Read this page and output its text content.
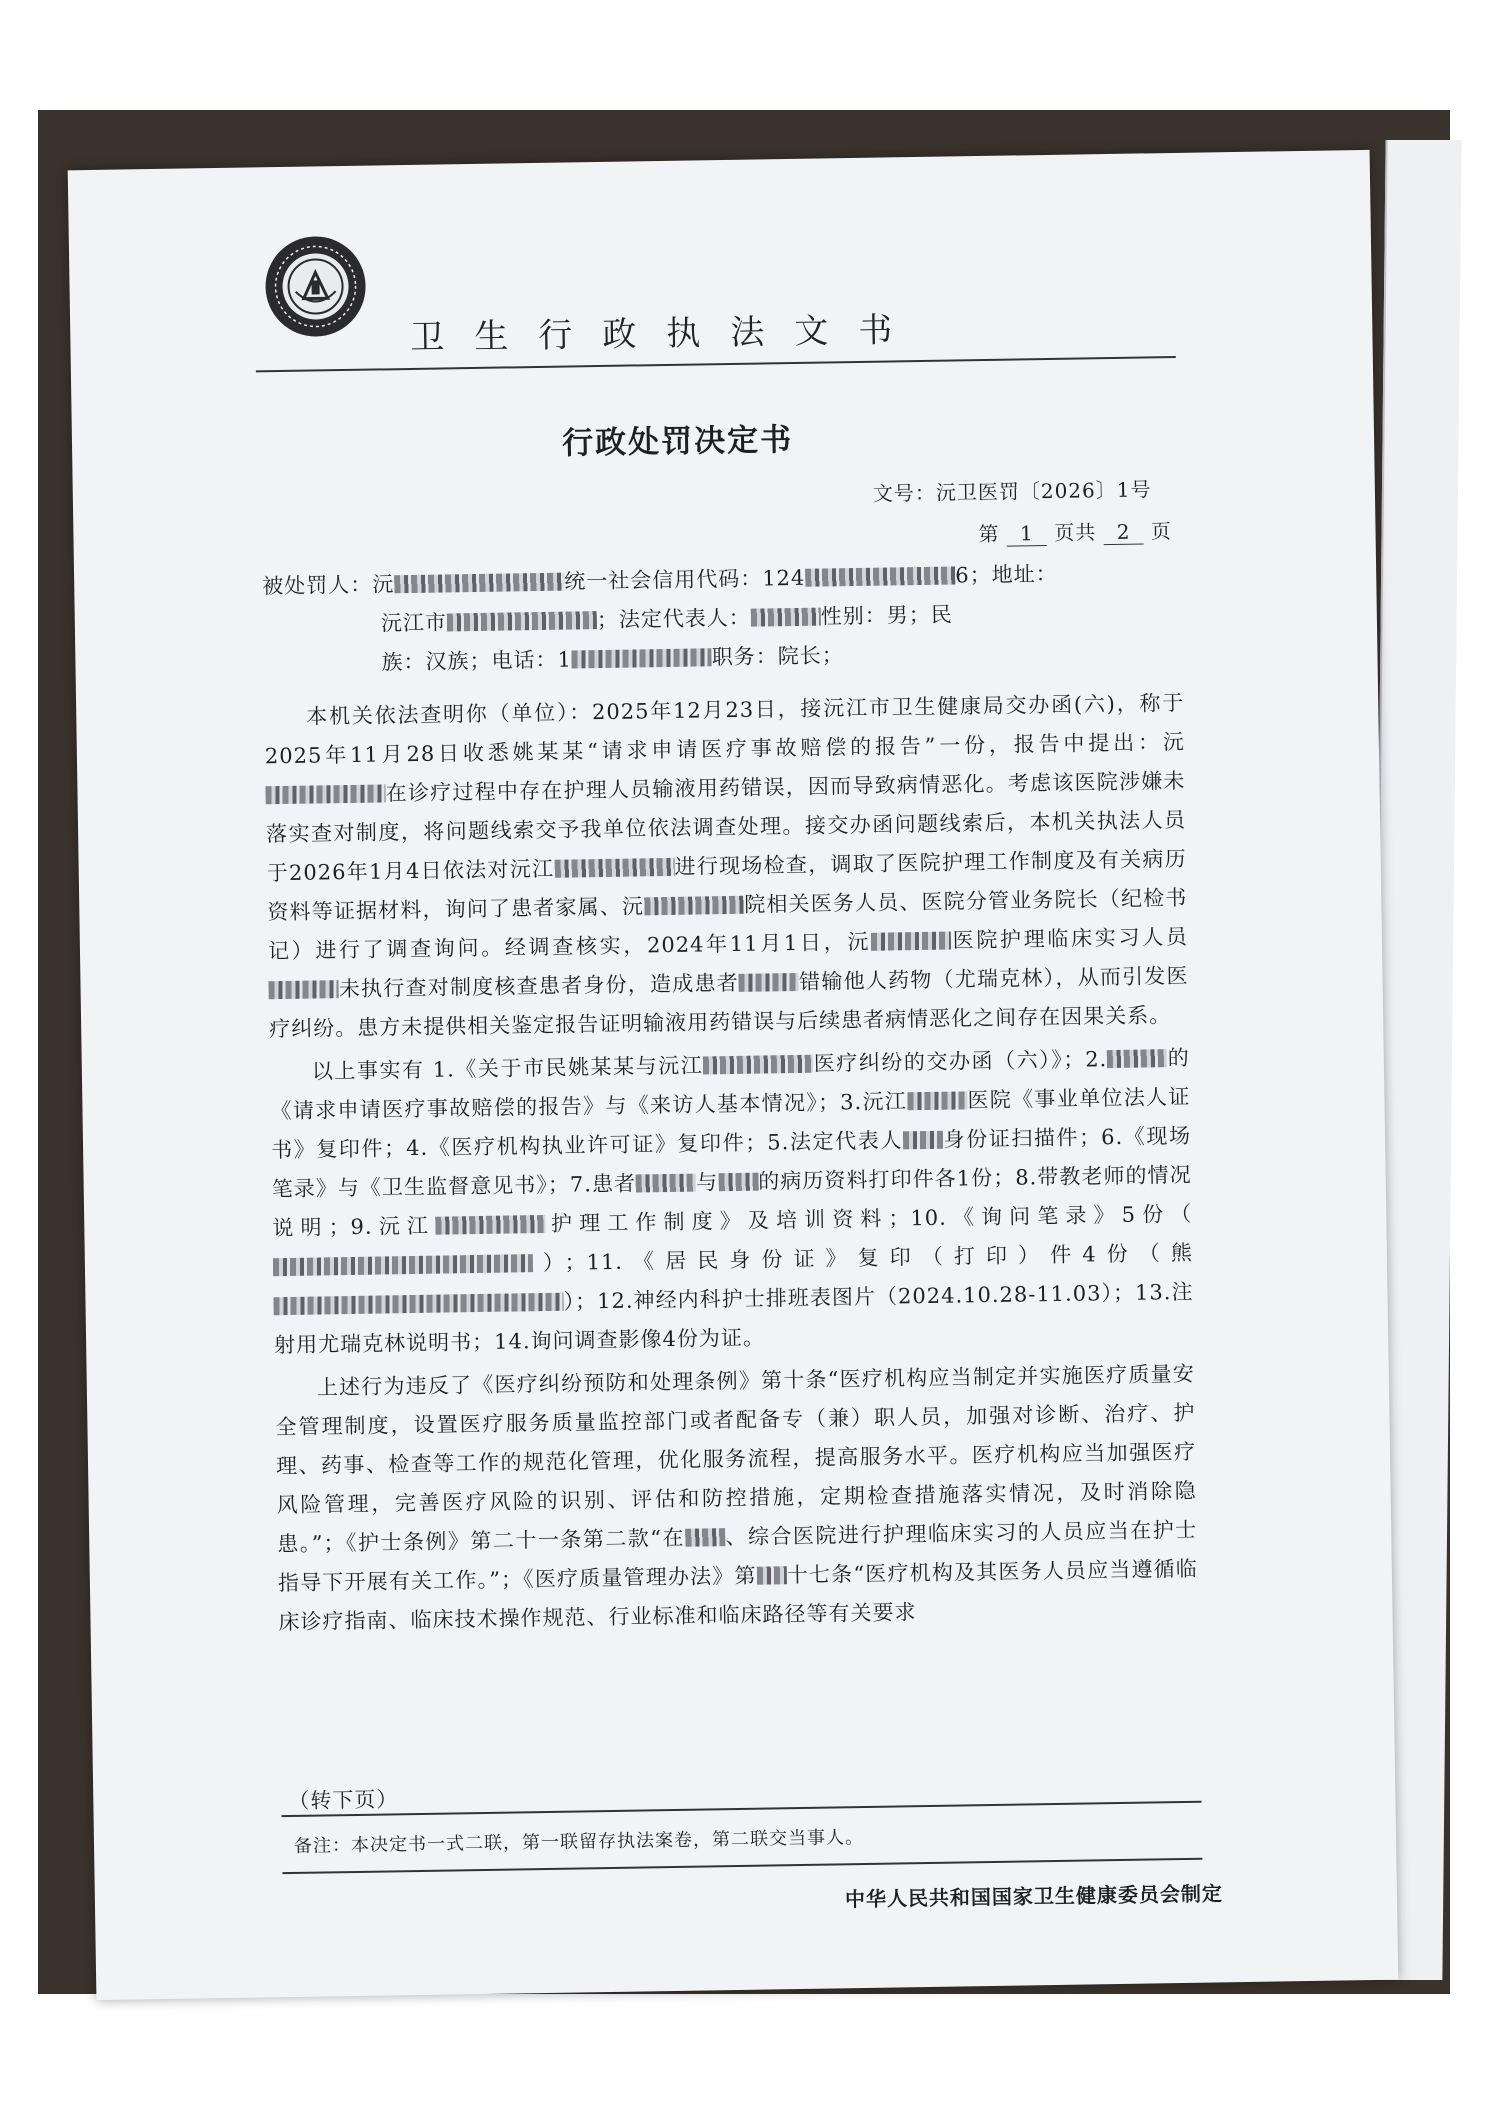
卫生行政执法文书
行政处罚决定书
文号：沅卫医罚〔2026〕1号
第 1 页共 2 页

被处罚人：沅	统一社会信用代码：124	6；地址：

沅江市	；法定代表人：	性别：男；民

族：汉族；电话：1	职务：院长；

本机关依法查明你（单位）：2025年12月23日，接沅江市卫生健康局交办函(六)，称于2025年11月28日收悉姚某某“请求申请医疗事故赔偿的报告”一份，报告中提出：沅在诊疗过程中存在护理人员输液用药错误，因而导致病情恶化。考虑该医院涉嫌未落实查对制度，将问题线索交予我单位依法调查处理。接交办函问题线索后，本机关执法人员于2026年1月4日依法对沅江	进行现场检查，调取了医院护理工作制度及有关病历资料等证据材料，询问了患者家属、沅	院相关医务人员、医院分管业务院长（纪检书记）进行了调查询问。经调查核实，2024年11月1日，沅	医院护理临床实习人员未执行查对制度核查患者身份，造成患者	错输他人药物（尤瑞克林），从而引发医疗纠纷。患方未提供相关鉴定报告证明输液用药错误与后续患者病情恶化之间存在因果关系。

以上事实有 1.《关于市民姚某某与沅江	医疗纠纷的交办函（六）》；2.	的《请求申请医疗事故赔偿的报告》与《来访人基本情况》；3.沅江	医院《事业单位法人证书》复印件；4.《医疗机构执业许可证》复印件；5.法定代表人 身份证扫描件；6.《现场笔录》与《卫生监督意见书》；7.患者	与 的病历资料打印件各1份；8.带教老师的情况说明；9.沅江	护理工作制度》及培训资料；10.《询问笔录》5份（）；11.《居民身份证》复印（打印）件4份（熊）；12.神经内科护士排班表图片（2024.10.28-11.03）；13.注射用尤瑞克林说明书；14.询问调查影像4份为证。

上述行为违反了《医疗纠纷预防和处理条例》第十条“医疗机构应当制定并实施医疗质量安全管理制度，设置医疗服务质量监控部门或者配备专（兼）职人员，加强对诊断、治疗、护理、药事、检查等工作的规范化管理，优化服务流程，提高服务水平。医疗机构应当加强医疗风险管理，完善医疗风险的识别、评估和防控措施，定期检查措施落实情况，及时消除隐患。”；《护士条例》第二十一条第二款“在 、综合医院进行护理临床实习的人员应当在护士指导下开展有关工作。”；《医疗质量管理办法》第 十七条“医疗机构及其医务人员应当遵循临床诊疗指南、临床技术操作规范、行业标准和临床路径等有关要求

（转下页）
备注：本决定书一式二联，第一联留存执法案卷，第二联交当事人。
中华人民共和国国家卫生健康委员会制定
